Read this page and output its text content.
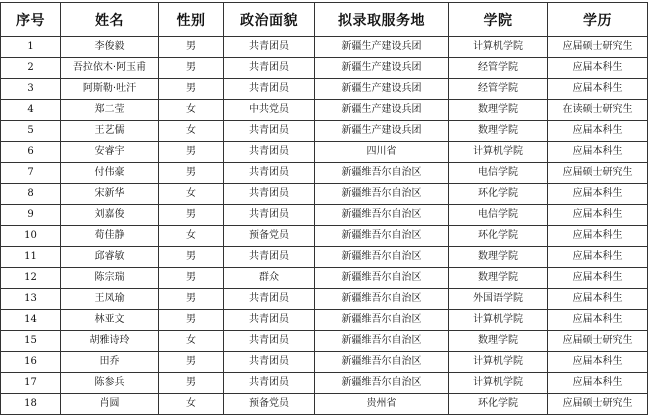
序号	姓名	性别	政治面貌	拟录取服务地	学院	学历
1	李俊毅	男	共青团员	新疆生产建设兵团	计算机学院	应届硕士研究生
2	吾拉依木·阿玉甫	男	共青团员	新疆生产建设兵团	经管学院	应届本科生
3	阿斯勒·吐汗	男	共青团员	新疆生产建设兵团	经管学院	应届本科生
4	郑二莹	女	中共党员	新疆生产建设兵团	数理学院	在读硕士研究生
5	王艺儒	女	共青团员	新疆生产建设兵团	数理学院	应届本科生
6	安睿宇	男	共青团员	四川省	计算机学院	应届本科生
7	付伟豪	男	共青团员	新疆维吾尔自治区	电信学院	应届硕士研究生
8	宋新华	女	共青团员	新疆维吾尔自治区	环化学院	应届本科生
9	刘嘉俊	男	共青团员	新疆维吾尔自治区	电信学院	应届本科生
10	荀佳静	女	预备党员	新疆维吾尔自治区	环化学院	应届本科生
11	邱睿敏	男	共青团员	新疆维吾尔自治区	数理学院	应届本科生
12	陈宗瑞	男	群众	新疆维吾尔自治区	数理学院	应届本科生
13	王凤瑜	男	共青团员	新疆维吾尔自治区	外国语学院	应届本科生
14	林亚文	男	共青团员	新疆维吾尔自治区	计算机学院	应届本科生
15	胡雅诗玲	女	共青团员	新疆维吾尔自治区	数理学院	应届硕士研究生
16	田乔	男	共青团员	新疆维吾尔自治区	计算机学院	应届本科生
17	陈参兵	男	共青团员	新疆维吾尔自治区	计算机学院	应届本科生
18	肖圆	女	预备党员	贵州省	环化学院	应届硕士研究生
